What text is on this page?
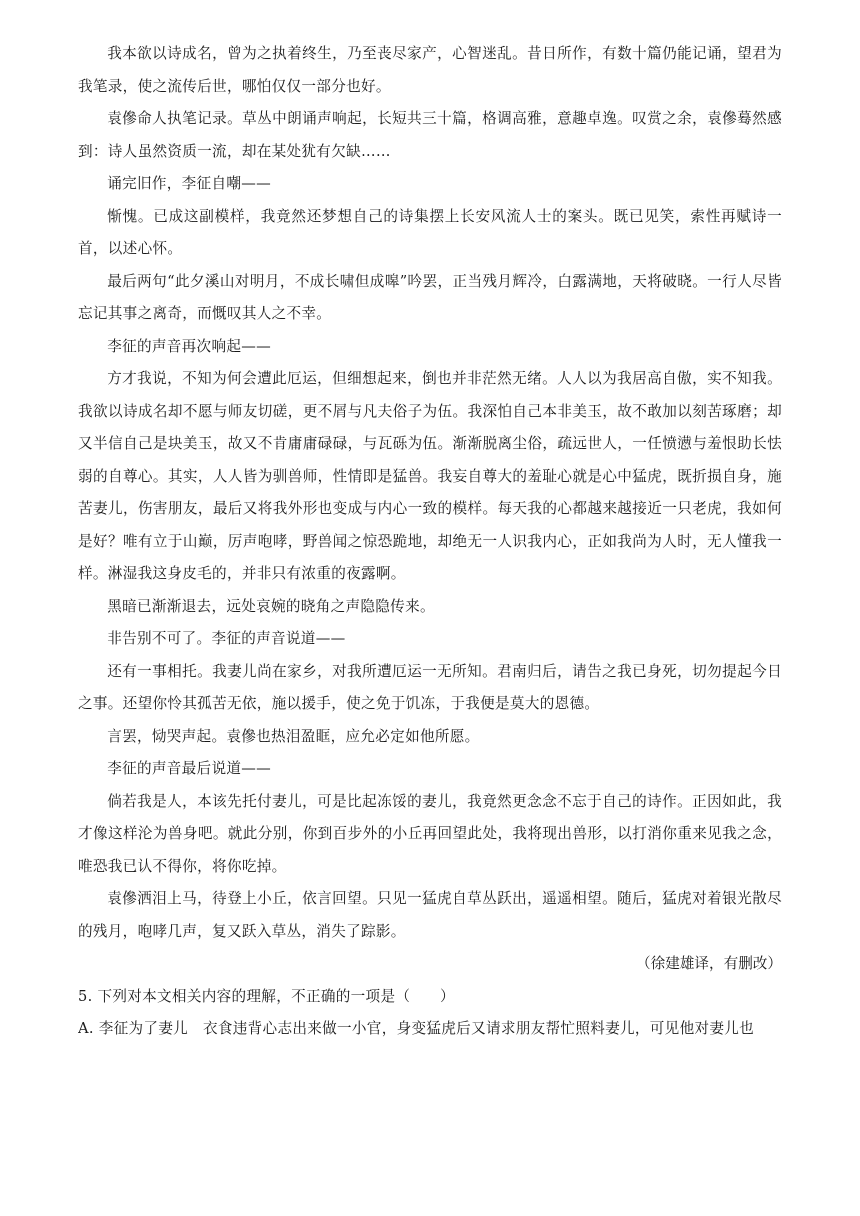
我本欲以诗成名，曾为之执着终生，乃至丧尽家产，心智迷乱。昔日所作，有数十篇仍能记诵，望君为我笔录，使之流传后世，哪怕仅仅一部分也好。

袁傪命人执笔记录。草丛中朗诵声响起，长短共三十篇，格调高雅，意趣卓逸。叹赏之余，袁傪蓦然感到：诗人虽然资质一流，却在某处犹有欠缺……

诵完旧作，李征自嘲——

惭愧。已成这副模样，我竟然还梦想自己的诗集摆上长安风流人士的案头。既已见笑，索性再赋诗一首，以述心怀。

最后两句“此夕溪山对明月，不成长啸但成嗥”吟罢，正当残月辉冷，白露满地，天将破晓。一行人尽皆忘记其事之离奇，而慨叹其人之不幸。

李征的声音再次响起——

方才我说，不知为何会遭此厄运，但细想起来，倒也并非茫然无绪。人人以为我居高自傲，实不知我。我欲以诗成名却不愿与师友切磋，更不屑与凡夫俗子为伍。我深怕自己本非美玉，故不敢加以刻苦琢磨；却又半信自己是块美玉，故又不肯庸庸碌碌，与瓦砾为伍。渐渐脱离尘俗，疏远世人，一任愤懑与羞恨助长怯弱的自尊心。其实，人人皆为驯兽师，性情即是猛兽。我妄自尊大的羞耻心就是心中猛虎，既折损自身，施苦妻儿，伤害朋友，最后又将我外形也变成与内心一致的模样。每天我的心都越来越接近一只老虎，我如何是好？唯有立于山巅，厉声咆哮，野兽闻之惊恐跪地，却绝无一人识我内心，正如我尚为人时，无人懂我一样。淋湿我这身皮毛的，并非只有浓重的夜露啊。

黑暗已渐渐退去，远处哀婉的晓角之声隐隐传来。

非告别不可了。李征的声音说道——

还有一事相托。我妻儿尚在家乡，对我所遭厄运一无所知。君南归后，请告之我已身死，切勿提起今日之事。还望你怜其孤苦无依，施以援手，使之免于饥冻，于我便是莫大的恩德。

言罢，恸哭声起。袁傪也热泪盈眶，应允必定如他所愿。

李征的声音最后说道——

倘若我是人，本该先托付妻儿，可是比起冻馁的妻儿，我竟然更念念不忘于自己的诗作。正因如此，我才像这样沦为兽身吧。就此分别，你到百步外的小丘再回望此处，我将现出兽形，以打消你重来见我之念，唯恐我已认不得你，将你吃掉。

袁傪洒泪上马，待登上小丘，依言回望。只见一猛虎自草丛跃出，遥遥相望。随后，猛虎对着银光散尽的残月，咆哮几声，复又跃入草丛，消失了踪影。

（徐建雄译，有删改）

5. 下列对本文相关内容的理解，不正确的一项是（　　）

A. 李征为了妻儿　衣食违背心志出来做一小官，身变猛虎后又请求朋友帮忙照料妻儿，可见他对妻儿也
